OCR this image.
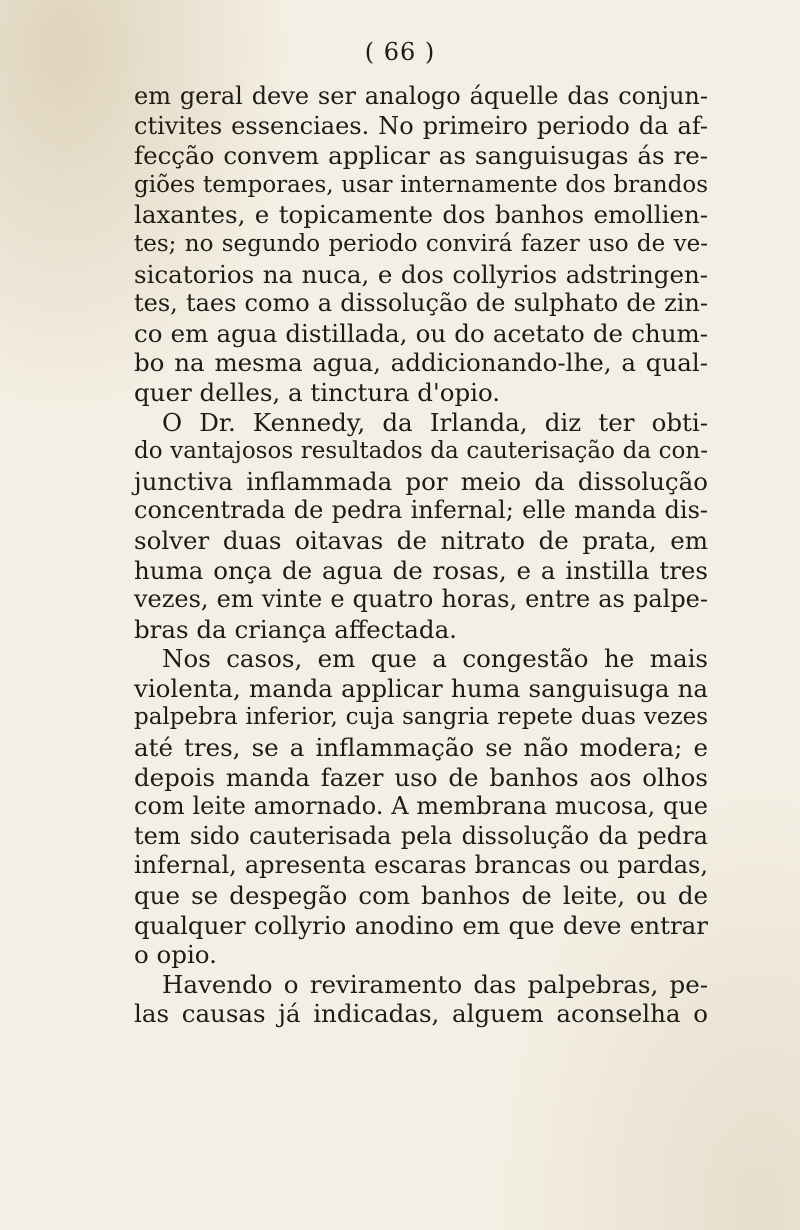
( 66 )
em geral deve ser analogo áquelle das conjun-
ctivites essenciaes. No primeiro periodo da af-
fecção convem applicar as sanguisugas ás re-
giões temporaes, usar internamente dos brandos
laxantes, e topicamente dos banhos emollien-
tes; no segundo periodo convirá fazer uso de ve-
sicatorios na nuca, e dos collyrios adstringen-
tes, taes como a dissolução de sulphato de zin-
co em agua distillada, ou do acetato de chum-
bo na mesma agua, addicionando-lhe, a qual-
quer delles, a tinctura d'opio.
O Dr. Kennedy, da Irlanda, diz ter obti-
do vantajosos resultados da cauterisação da con-
junctiva inflammada por meio da dissolução
concentrada de pedra infernal; elle manda dis-
solver duas oitavas de nitrato de prata, em
huma onça de agua de rosas, e a instilla tres
vezes, em vinte e quatro horas, entre as palpe-
bras da criança affectada.
Nos casos, em que a congestão he mais
violenta, manda applicar huma sanguisuga na
palpebra inferior, cuja sangria repete duas vezes
até tres, se a inflammação se não modera; e
depois manda fazer uso de banhos aos olhos
com leite amornado. A membrana mucosa, que
tem sido cauterisada pela dissolução da pedra
infernal, apresenta escaras brancas ou pardas,
que se despegão com banhos de leite, ou de
qualquer collyrio anodino em que deve entrar
o opio.
Havendo o reviramento das palpebras, pe-
las causas já indicadas, alguem aconselha o
